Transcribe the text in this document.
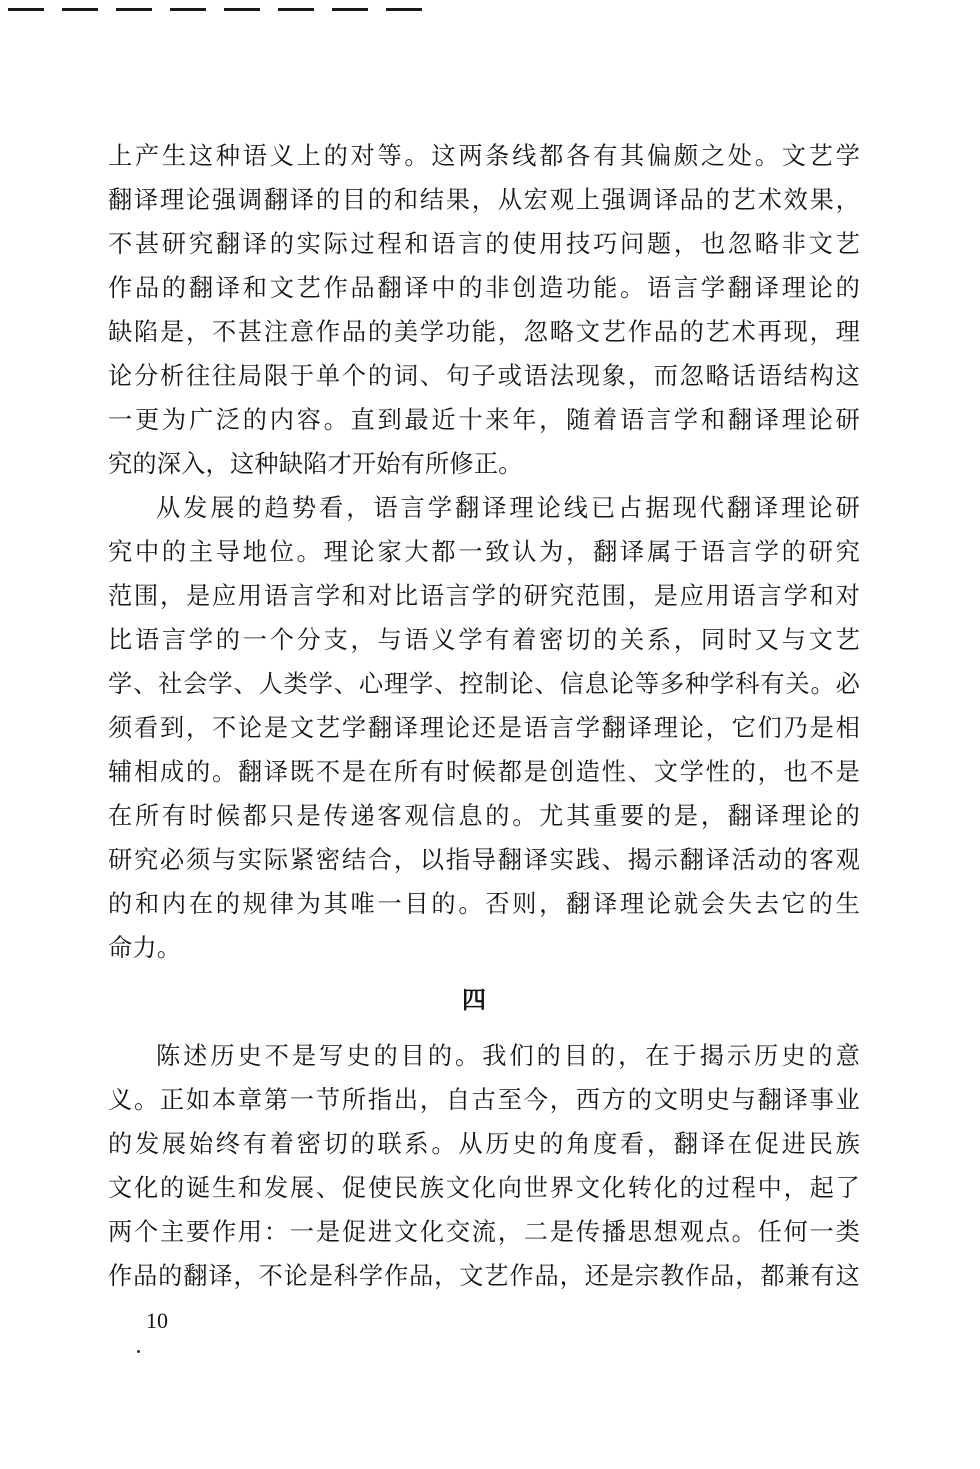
上产生这种语义上的对等。这两条线都各有其偏颇之处。文艺学
翻译理论强调翻译的目的和结果，从宏观上强调译品的艺术效果，
不甚研究翻译的实际过程和语言的使用技巧问题，也忽略非文艺
作品的翻译和文艺作品翻译中的非创造功能。语言学翻译理论的
缺陷是，不甚注意作品的美学功能，忽略文艺作品的艺术再现，理
论分析往往局限于单个的词、句子或语法现象，而忽略话语结构这
一更为广泛的内容。直到最近十来年，随着语言学和翻译理论研
究的深入，这种缺陷才开始有所修正。
从发展的趋势看，语言学翻译理论线已占据现代翻译理论研
究中的主导地位。理论家大都一致认为，翻译属于语言学的研究
范围，是应用语言学和对比语言学的研究范围，是应用语言学和对
比语言学的一个分支，与语义学有着密切的关系，同时又与文艺
学、社会学、人类学、心理学、控制论、信息论等多种学科有关。必
须看到，不论是文艺学翻译理论还是语言学翻译理论，它们乃是相
辅相成的。翻译既不是在所有时候都是创造性、文学性的，也不是
在所有时候都只是传递客观信息的。尤其重要的是，翻译理论的
研究必须与实际紧密结合，以指导翻译实践、揭示翻译活动的客观
的和内在的规律为其唯一目的。否则，翻译理论就会失去它的生
命力。
四
陈述历史不是写史的目的。我们的目的，在于揭示历史的意
义。正如本章第一节所指出，自古至今，西方的文明史与翻译事业
的发展始终有着密切的联系。从历史的角度看，翻译在促进民族
文化的诞生和发展、促使民族文化向世界文化转化的过程中，起了
两个主要作用：一是促进文化交流，二是传播思想观点。任何一类
作品的翻译，不论是科学作品，文艺作品，还是宗教作品，都兼有这
10
